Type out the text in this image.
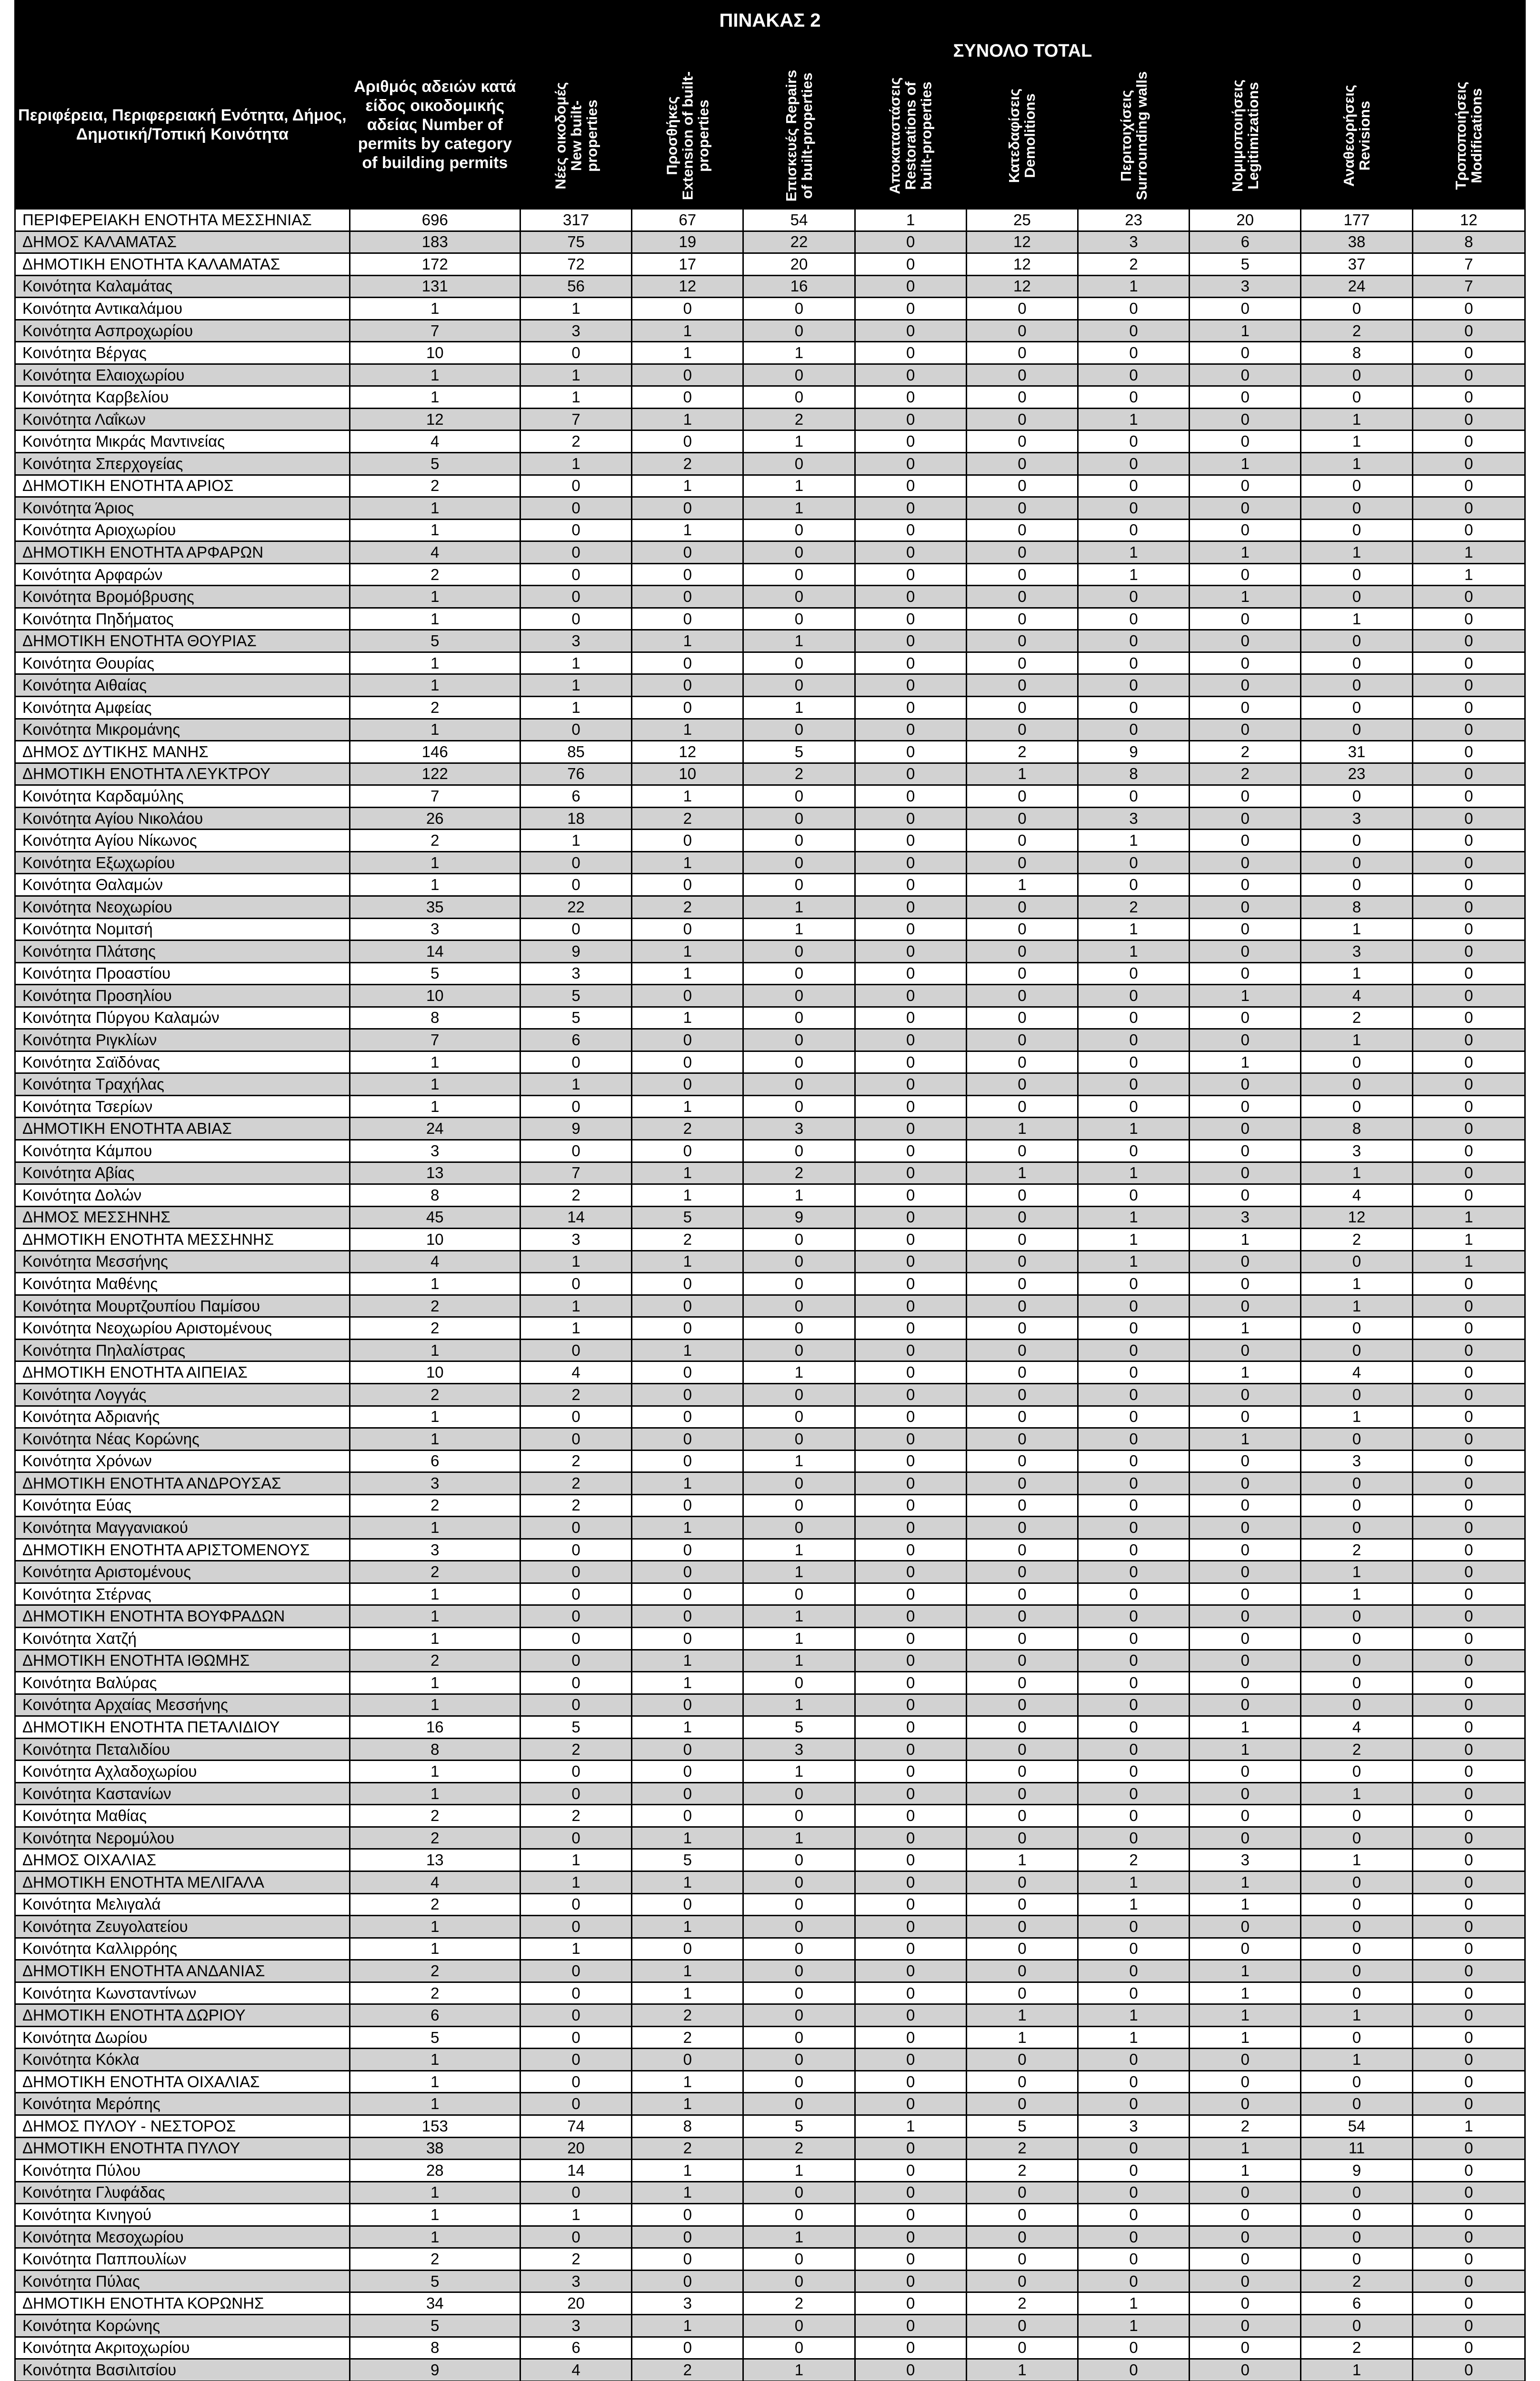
ΠΙΝΑΚΑΣ 2										
Περιφέρεια, Περιφερειακή Ενότητα, Δήμος, Δημοτική/Τοπική Κοινότητα	Αριθμός αδειών κατά είδος οικοδομικής αδείας Number of permits by category of building permits	ΣΥΝΟΛΟ TOTAL								

		Νέες οικοδομές New built-properties	Προσθήκες Extension of built-properties	Επισκευές Repairs of built-properties	Αποκαταστάσεις Restorations of built-properties	Κατεδαφίσεις Demolitions	Περιτοιχίσεις Surrounding walls	Νομιμοποιήσεις Legitimizations	Αναθεωρήσεις Revisions	Τροποποιήσεις Modifications

ΠΕΡΙΦΕΡΕΙΑΚΗ ΕΝΟΤΗΤΑ ΜΕΣΣΗΝΙΑΣ	696	317	67	54	1	25	23	20	177	12
ΔΗΜΟΣ ΚΑΛΑΜΑΤΑΣ	183	75	19	22	0	12	3	6	38	8
ΔΗΜΟΤΙΚΗ ΕΝΟΤΗΤΑ ΚΑΛΑΜΑΤΑΣ	172	72	17	20	0	12	2	5	37	7
Κοινότητα Καλαμάτας	131	56	12	16	0	12	1	3	24	7
Κοινότητα Αντικαλάμου	1	1	0	0	0	0	0	0	0	0
Κοινότητα Ασπροχωρίου	7	3	1	0	0	0	0	1	2	0
Κοινότητα Βέργας	10	0	1	1	0	0	0	0	8	0
Κοινότητα Ελαιοχωρίου	1	1	0	0	0	0	0	0	0	0
Κοινότητα Καρβελίου	1	1	0	0	0	0	0	0	0	0
Κοινότητα Λαΐκων	12	7	1	2	0	0	1	0	1	0
Κοινότητα Μικράς Μαντινείας	4	2	0	1	0	0	0	0	1	0
Κοινότητα Σπερχογείας	5	1	2	0	0	0	0	1	1	0
ΔΗΜΟΤΙΚΗ ΕΝΟΤΗΤΑ ΑΡΙΟΣ	2	0	1	1	0	0	0	0	0	0
Κοινότητα Άριος	1	0	0	1	0	0	0	0	0	0
Κοινότητα Αριοχωρίου	1	0	1	0	0	0	0	0	0	0
ΔΗΜΟΤΙΚΗ ΕΝΟΤΗΤΑ ΑΡΦΑΡΩΝ	4	0	0	0	0	0	1	1	1	1
Κοινότητα Αρφαρών	2	0	0	0	0	0	1	0	0	1
Κοινότητα Βρομόβρυσης	1	0	0	0	0	0	0	1	0	0
Κοινότητα Πηδήματος	1	0	0	0	0	0	0	0	1	0
ΔΗΜΟΤΙΚΗ ΕΝΟΤΗΤΑ ΘΟΥΡΙΑΣ	5	3	1	1	0	0	0	0	0	0
Κοινότητα Θουρίας	1	1	0	0	0	0	0	0	0	0
Κοινότητα Αιθαίας	1	1	0	0	0	0	0	0	0	0
Κοινότητα Αμφείας	2	1	0	1	0	0	0	0	0	0
Κοινότητα Μικρομάνης	1	0	1	0	0	0	0	0	0	0
ΔΗΜΟΣ ΔΥΤΙΚΗΣ ΜΑΝΗΣ	146	85	12	5	0	2	9	2	31	0
ΔΗΜΟΤΙΚΗ ΕΝΟΤΗΤΑ ΛΕΥΚΤΡΟΥ	122	76	10	2	0	1	8	2	23	0
Κοινότητα Καρδαμύλης	7	6	1	0	0	0	0	0	0	0
Κοινότητα Αγίου Νικολάου	26	18	2	0	0	0	3	0	3	0
Κοινότητα Αγίου Νίκωνος	2	1	0	0	0	0	1	0	0	0
Κοινότητα Εξωχωρίου	1	0	1	0	0	0	0	0	0	0
Κοινότητα Θαλαμών	1	0	0	0	0	1	0	0	0	0
Κοινότητα Νεοχωρίου	35	22	2	1	0	0	2	0	8	0
Κοινότητα Νομιτσή	3	0	0	1	0	0	1	0	1	0
Κοινότητα Πλάτσης	14	9	1	0	0	0	1	0	3	0
Κοινότητα Προαστίου	5	3	1	0	0	0	0	0	1	0
Κοινότητα Προσηλίου	10	5	0	0	0	0	0	1	4	0
Κοινότητα Πύργου Καλαμών	8	5	1	0	0	0	0	0	2	0
Κοινότητα Ριγκλίων	7	6	0	0	0	0	0	0	1	0
Κοινότητα Σαϊδόνας	1	0	0	0	0	0	0	1	0	0
Κοινότητα Τραχήλας	1	1	0	0	0	0	0	0	0	0
Κοινότητα Τσερίων	1	0	1	0	0	0	0	0	0	0
ΔΗΜΟΤΙΚΗ ΕΝΟΤΗΤΑ ΑΒΙΑΣ	24	9	2	3	0	1	1	0	8	0
Κοινότητα Κάμπου	3	0	0	0	0	0	0	0	3	0
Κοινότητα Αβίας	13	7	1	2	0	1	1	0	1	0
Κοινότητα Δολών	8	2	1	1	0	0	0	0	4	0
ΔΗΜΟΣ ΜΕΣΣΗΝΗΣ	45	14	5	9	0	0	1	3	12	1
ΔΗΜΟΤΙΚΗ ΕΝΟΤΗΤΑ ΜΕΣΣΗΝΗΣ	10	3	2	0	0	0	1	1	2	1
Κοινότητα Μεσσήνης	4	1	1	0	0	0	1	0	0	1
Κοινότητα Μαθένης	1	0	0	0	0	0	0	0	1	0
Κοινότητα Μουρτζουπίου Παμίσου	2	1	0	0	0	0	0	0	1	0
Κοινότητα Νεοχωρίου Αριστομένους	2	1	0	0	0	0	0	1	0	0
Κοινότητα Πηλαλίστρας	1	0	1	0	0	0	0	0	0	0
ΔΗΜΟΤΙΚΗ ΕΝΟΤΗΤΑ ΑΙΠΕΙΑΣ	10	4	0	1	0	0	0	1	4	0
Κοινότητα Λογγάς	2	2	0	0	0	0	0	0	0	0
Κοινότητα Αδριανής	1	0	0	0	0	0	0	0	1	0
Κοινότητα Νέας Κορώνης	1	0	0	0	0	0	0	1	0	0
Κοινότητα Χρόνων	6	2	0	1	0	0	0	0	3	0
ΔΗΜΟΤΙΚΗ ΕΝΟΤΗΤΑ ΑΝΔΡΟΥΣΑΣ	3	2	1	0	0	0	0	0	0	0
Κοινότητα Εύας	2	2	0	0	0	0	0	0	0	0
Κοινότητα Μαγγανιακού	1	0	1	0	0	0	0	0	0	0
ΔΗΜΟΤΙΚΗ ΕΝΟΤΗΤΑ ΑΡΙΣΤΟΜΕΝΟΥΣ	3	0	0	1	0	0	0	0	2	0
Κοινότητα Αριστομένους	2	0	0	1	0	0	0	0	1	0
Κοινότητα Στέρνας	1	0	0	0	0	0	0	0	1	0
ΔΗΜΟΤΙΚΗ ΕΝΟΤΗΤΑ ΒΟΥΦΡΑΔΩΝ	1	0	0	1	0	0	0	0	0	0
Κοινότητα Χατζή	1	0	0	1	0	0	0	0	0	0
ΔΗΜΟΤΙΚΗ ΕΝΟΤΗΤΑ ΙΘΩΜΗΣ	2	0	1	1	0	0	0	0	0	0
Κοινότητα Βαλύρας	1	0	1	0	0	0	0	0	0	0
Κοινότητα Αρχαίας Μεσσήνης	1	0	0	1	0	0	0	0	0	0
ΔΗΜΟΤΙΚΗ ΕΝΟΤΗΤΑ ΠΕΤΑΛΙΔΙΟΥ	16	5	1	5	0	0	0	1	4	0
Κοινότητα Πεταλιδίου	8	2	0	3	0	0	0	1	2	0
Κοινότητα Αχλαδοχωρίου	1	0	0	1	0	0	0	0	0	0
Κοινότητα Καστανίων	1	0	0	0	0	0	0	0	1	0
Κοινότητα Μαθίας	2	2	0	0	0	0	0	0	0	0
Κοινότητα Νερομύλου	2	0	1	1	0	0	0	0	0	0
ΔΗΜΟΣ ΟΙΧΑΛΙΑΣ	13	1	5	0	0	1	2	3	1	0
ΔΗΜΟΤΙΚΗ ΕΝΟΤΗΤΑ ΜΕΛΙΓΑΛΑ	4	1	1	0	0	0	1	1	0	0
Κοινότητα Μελιγαλά	2	0	0	0	0	0	1	1	0	0
Κοινότητα Ζευγολατείου	1	0	1	0	0	0	0	0	0	0
Κοινότητα Καλλιρρόης	1	1	0	0	0	0	0	0	0	0
ΔΗΜΟΤΙΚΗ ΕΝΟΤΗΤΑ ΑΝΔΑΝΙΑΣ	2	0	1	0	0	0	0	1	0	0
Κοινότητα Κωνσταντίνων	2	0	1	0	0	0	0	1	0	0
ΔΗΜΟΤΙΚΗ ΕΝΟΤΗΤΑ ΔΩΡΙΟΥ	6	0	2	0	0	1	1	1	1	0
Κοινότητα Δωρίου	5	0	2	0	0	1	1	1	0	0
Κοινότητα Κόκλα	1	0	0	0	0	0	0	0	1	0
ΔΗΜΟΤΙΚΗ ΕΝΟΤΗΤΑ ΟΙΧΑΛΙΑΣ	1	0	1	0	0	0	0	0	0	0
Κοινότητα Μερόπης	1	0	1	0	0	0	0	0	0	0
ΔΗΜΟΣ ΠΥΛΟΥ - ΝΕΣΤΟΡΟΣ	153	74	8	5	1	5	3	2	54	1
ΔΗΜΟΤΙΚΗ ΕΝΟΤΗΤΑ ΠΥΛΟΥ	38	20	2	2	0	2	0	1	11	0
Κοινότητα Πύλου	28	14	1	1	0	2	0	1	9	0
Κοινότητα Γλυφάδας	1	0	1	0	0	0	0	0	0	0
Κοινότητα Κινηγού	1	1	0	0	0	0	0	0	0	0
Κοινότητα Μεσοχωρίου	1	0	0	1	0	0	0	0	0	0
Κοινότητα Παππουλίων	2	2	0	0	0	0	0	0	0	0
Κοινότητα Πύλας	5	3	0	0	0	0	0	0	2	0
ΔΗΜΟΤΙΚΗ ΕΝΟΤΗΤΑ ΚΟΡΩΝΗΣ	34	20	3	2	0	2	1	0	6	0
Κοινότητα Κορώνης	5	3	1	0	0	0	1	0	0	0
Κοινότητα Ακριτοχωρίου	8	6	0	0	0	0	0	0	2	0
Κοινότητα Βασιλιτσίου	9	4	2	1	0	1	0	0	1	0
